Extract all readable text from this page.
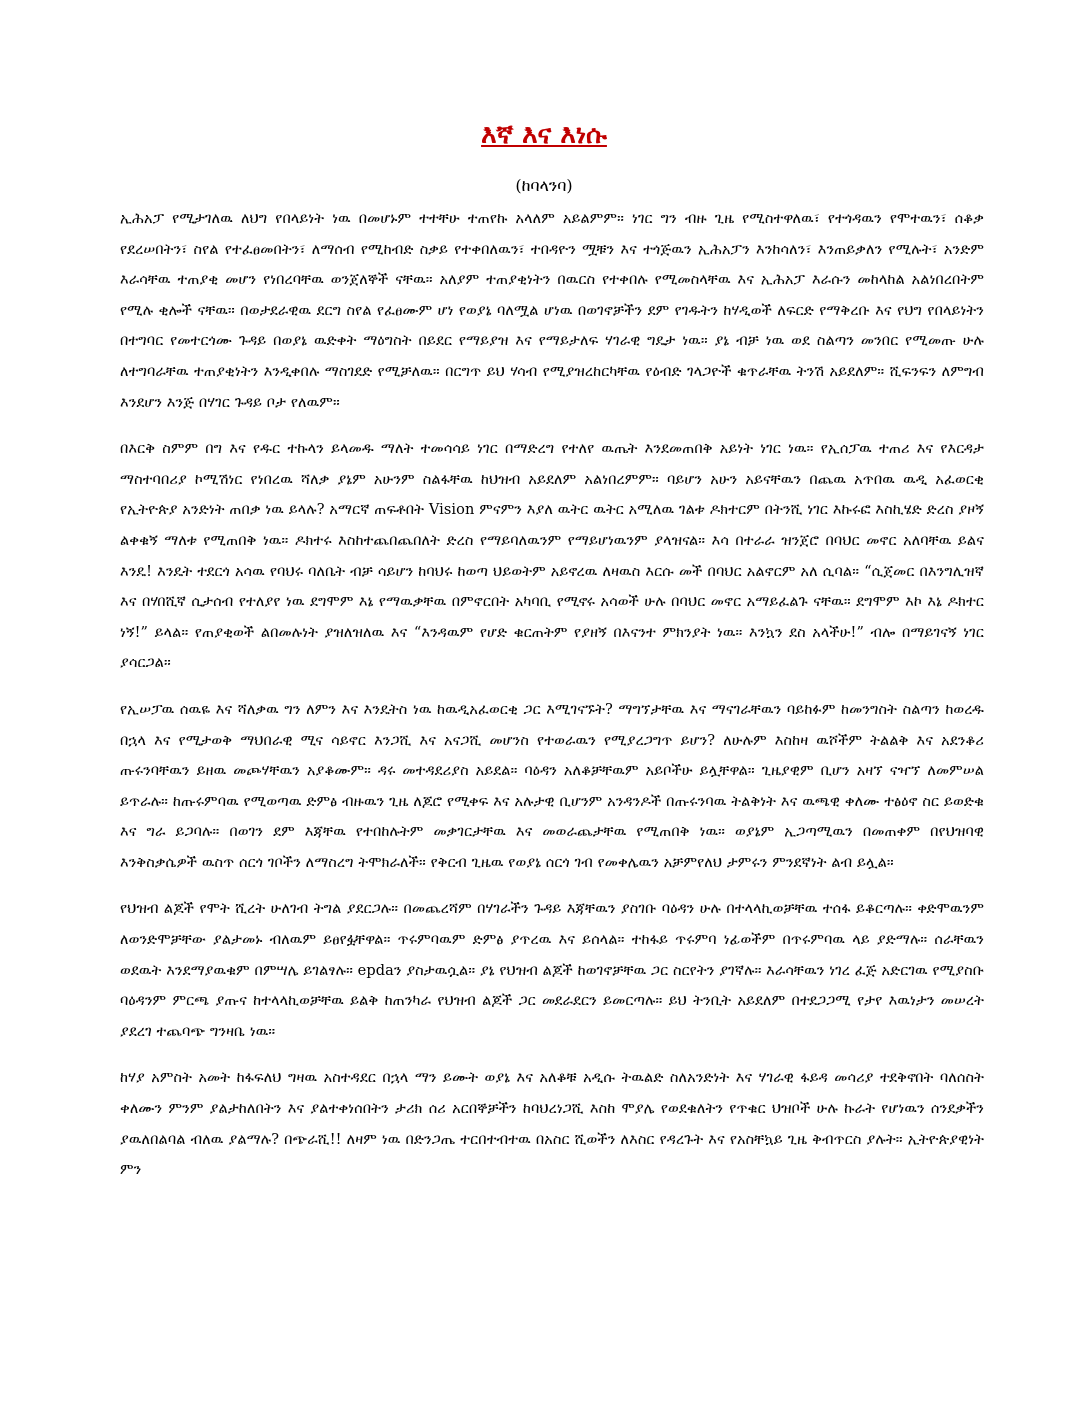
እኛ እና እነሱ

(ከባላንባ)

ኢሕአፓ የሚታገለዉ ለህግ የበላይነት ነዉ በመሆኑም ተተቸሁ ተጠየኩ አላለም አይልምም። ነገር ግን ብዙ ጊዜ የሚስተዋለዉ፣ የተጎዳዉን የሞተዉን፣ ሰቆቃ የደረሠበትን፣ ስየል የተፈፀመበትን፣ ለማሰብ የሚከብድ ስቃይ የተቀበለዉን፣ ተበዳዮን ሟቹን እና ተጎጅዉን ኢሕአፓን እንከሳለን፣ እንጠይቃለን የሚሉት፣ አንድም እራሳቸዉ ተጠያቂ መሆን የነበረባቸዉ ወንጀለኞች ናቸዉ። አለያም ተጠያቂነትን በዉርስ የተቀበሉ የሚመስላቸዉ እና ኢሕአፓ እራሱን መከላከል አልነበረበትም የሚሉ ቂሎች ናቸዉ። በወታደራዊዉ ደርግ ስየል የፈፀሙም ሆነ የወያኔ ባለሟል ሆነዉ በወገኖቻችን ደም የገዱትን ከሃዲወች ለፍርድ የማቅረቡ እና የህግ የበላይነትን በተግባር የመተርጎሙ ጉዳይ በወያኔ ዉድቀት ማዕግስት በይደር የማይያዝ እና የማይታለፍ ሃገራዊ ግዴታ ነዉ። ያኔ ብቻ ነዉ ወደ ስልጣን መንበር የሚመጡ ሁሉ ለተግባራቸዉ ተጠያቂነትን እንዲቀበሉ ማስገደድ የሚቻለዉ። በርግጥ ይህ ሃሳብ የሚያዝረከርካቸዉ የዕብድ ገላጋዮች ቁጥራቸዉ ትንሽ አይደለም። ሺፍንፍን ለምግብ እንደሆን እንጅ በሃገር ጉዳይ ቦታ የለዉም።

በእርቅ ስምም በግ እና የዱር ተኩላን ይላመዱ ማለት ተመሳሳይ ነገር በማድረግ የተለየ ዉጤት እንደመጠበቅ አይነት ነገር ነዉ። የኢሰፓዉ ተጠሪ እና የእርዳታ ማስተባበሪያ ኮሚሽነር የነበረዉ ሻለቃ ያኔም አሁንም ስልፋቸዉ ከህዝብ አይደለም አልነበረምም። ባይሆን አሁን አይናቸዉን በጨዉ አጥበዉ ዉዲ አፈወርቂ የኢትዮጵያ አንድነት ጠበቃ ነዉ ይላሉ? አማርኛ ጠፍቶበት Vision ምናምን እያለ ዉትር ዉትር አሚለዉ ገልቱ ዶክተርም በትንሺ ነገር እኩሩፎ እስኪሄድ ድረስ ያዞኝ ልቀቁኝ ማለቱ የሚጠበቅ ነዉ። ዶክተሩ እስከተጨበጨበለት ድረስ የማይባለዉንም የማይሆነዉንም ያላዝናል። እሳ በተራራ ዝንጀሮ በባህር መኖር አለባቸዉ ይልና እንዴ! እንዴት ተደርጎ አሳዉ የባህሩ ባለቤት ብቻ ሳይሆን ከባህሩ ከወጣ ህይወትም አይኖረዉ ለዛዉስ እርሱ መች በባህር አልኖርም አለ ሲባል። “ሲጀመር በእንግሊዝኛ እና በሃበሺኛ ሲታሰብ የተለያየ ነዉ ደግሞም እኔ የማዉቃቸዉ በምኖርበት አካባቢ የሚኖሩ አሳወች ሁሉ በባህር መኖር አማይፈልጉ ናቸዉ። ደግሞም እኮ እኔ ዶክተር ነኝ!” ይላል። የጠያቂወች ልበመሉነት ያዝለዝለዉ እና “እንዳዉም የሆድ ቁርጠትም የያዘኝ በእናንተ ምክንያት ነዉ። እንኳን ደስ አላችሁ!” ብሎ በማይገናኝ ነገር ያሳርጋል።

የኢሠፓዉ ሰዉዬ እና ሻለቃዉ ግን ለምን እና እንዴትስ ነዉ ከዉዲአፈወርቂ ጋር እሚገናኙት? ማግኘታቸዉ እና ማናገራቸዉን ባይከፉም ከመንግስት ስልጣን ከወረዱ በኋላ እና የሚታወቅ ማህበራዊ ሚና ሳይኖር እንጋሺ እና አናጋሺ መሆንስ የተወራዉን የሚያረጋግጥ ይሆን? ለሁሉም እስከዛ ዉሾችም ትልልቅ እና አደንቆሪ ጡሩንባቸዉን ይዘዉ መጮሃቸዉን አያቆሙም። ዳሩ መተዳደሪያስ አይደል። ባዕዳን አለቆቻቸዉም አይቦችሁ ይሏቸዋል። ጊዜያዊም ቢሆን አዛኘ ናዣኘ ለመምሠል ይጥራሉ። ከጡሩምባዉ የሚወጣዉ ድምፅ ብዙዉን ጊዜ ለጆሮ የሚቀፍ እና አሉታዊ ቢሆንም አንዳንዶች በጡሩንባዉ ትልቅነት እና ዉጫዊ ቀለሙ ተፅዕኖ ስር ይወድቁ እና ግራ ይጋባሉ። በወገን ደም እጃቸዉ የተበከሉትም መቃገርታቸዉ እና መወራጨታቸዉ የሚጠበቅ ነዉ። ወያኔም ኢጋጣሚዉን በመጠቀም በየህዝባዊ እንቅስቃሴዎች ዉስጥ ሰርጎ ገቦችን ለማስረግ ትሞክራለች። የቅርብ ጊዜዉ የወያኔ ሰርጎ ገብ የመቀሌዉን አቻምየለህ ታምሩን ምንደኛነት ልብ ይሏል።

የህዝብ ልጆች የሞት ሺረት ሁለገብ ትግል ያደርጋሉ። በመጨረሻም በሃገራችን ጉዳይ እጃቸዉን ያስገቡ ባዕዳን ሁሉ በተላላኪወቻቸዉ ተሰፋ ይቆርጣሉ። ቀድሞዉንም ለወንድሞቻቸው ያልታመኑ ብለዉም ይፀየፏቸዋል። ጥሩምባዉም ድምፅ ያጥረዉ እና ይሰላል። ተከፋይ ጥሩምባ ነፊወችም በጥሩምባዉ ላይ ያድማሉ። ሰራቸዉን ወደዉት እንደማያዉቁም በምሣሌ ይገልፃሉ። epdaን ያስታዉሷል። ያኔ የህዝብ ልጆች ከወገኖቻቸዉ ጋር ስርየትን ያገኛሉ። እራሳቸዉን ነገረ ፈጅ አድርገዉ የሚያስቡ ባዕዳንም ምርጫ ያጡና ከተላላኪወቻቸዉ ይልቅ ከጠንካራ የህዝብ ልጆች ጋር መደራደርን ይመርጣሉ። ይህ ትንቢት አይደለም በተደጋጋሚ የታየ እዉነታን መሠረት ያደረገ ተጨባጭ ግንዛቤ ነዉ።

ከሃያ አምስት አመት ከፋፍለህ ግዛዉ አስተዳደር በኋላ ማን ይሙት ወያኔ እና አለቆቹ አዲሱ ትዉልድ ስለአንድነት እና ሃገራዊ ፋይዳ መሳሪያ ተደቅኖበት ባለሰስት ቀለሙን ምንም ያልታከለበትን እና ያልተቀነሰበትን ታሪክ ሰሪ አርበኞቻችን ከባህረነጋሺ እስከ ሞያሌ የወደቁለትን የጥቁር ህዝቦች ሁሉ ኩራት የሆነዉን ሰንደቃችን ያዉለበልባል ብለዉ ያልማሉ? በጭራሺ!! ለዛም ነዉ በድንጋጤ ተርበተብተዉ በአስር ሺወችን ለእስር የዳረጉት እና የአስቸኳይ ጊዜ ቅብጥርስ ያሉት። ኢትዮጵያዊነት ምን
